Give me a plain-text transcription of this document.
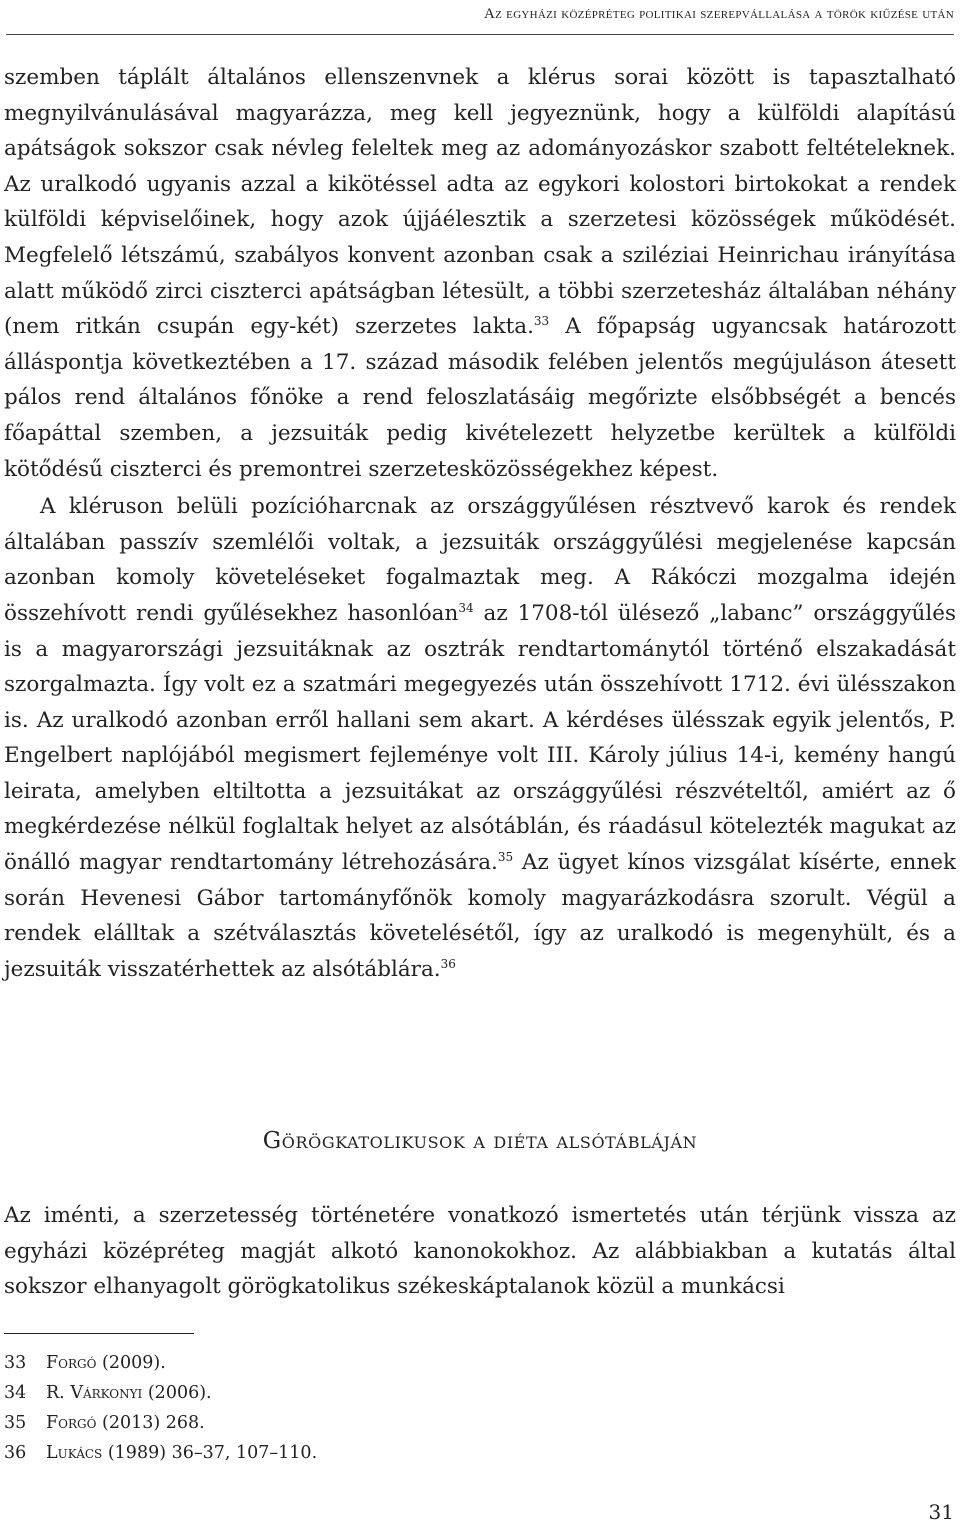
Az egyházi középréteg politikai szerepvállalása a török kiűzése után

szemben táplált általános ellenszenvnek a klérus sorai között is tapasztalható megnyilvánulásával magyarázza, meg kell jegyeznünk, hogy a külföldi alapítású apátságok sokszor csak névleg feleltek meg az adományozáskor szabott feltételeknek. Az uralkodó ugyanis azzal a kikötéssel adta az egykori kolostori birtokokat a rendek külföldi képviselőinek, hogy azok újjáélesztik a szerzetesi közösségek működését. Megfelelő létszámú, szabályos konvent azonban csak a sziléziai Heinrichau irányítása alatt működő zirci ciszterci apátságban létesült, a többi szerzetesház általában néhány (nem ritkán csupán egy-két) szerzetes lakta.$^{33}$ A főpapság ugyancsak határozott álláspontja következtében a 17. század második felében jelentős megújuláson átesett pálos rend általános főnöke a rend feloszlatásáig megőrizte elsőbbségét a bencés főapáttal szemben, a jezsuiták pedig kivételezett helyzetbe kerültek a külföldi kötődésű ciszterci és premontrei szerzetesközösségekhez képest.

A kléruson belüli pozícióharcnak az országgyűlésen résztvevő karok és rendek általában passzív szemlélői voltak, a jezsuiták országgyűlési megjelenése kapcsán azonban komoly követeléseket fogalmaztak meg. A Rákóczi mozgalma idején összehívott rendi gyűlésekhez hasonlóan$^{34}$ az 1708-tól ülésező „labanc” országgyűlés is a magyarországi jezsuitáknak az osztrák rendtartománytól történő elszakadását szorgalmazta. Így volt ez a szatmári megegyezés után összehívott 1712. évi ülésszakon is. Az uralkodó azonban erről hallani sem akart. A kérdéses ülésszak egyik jelentős, P. Engelbert naplójából megismert fejleménye volt III. Károly július 14-i, kemény hangú leirata, amelyben eltiltotta a jezsuitákat az országgyűlési részvételtől, amiért az ő megkérdezése nélkül foglaltak helyet az alsótáblán, és ráadásul kötelezték magukat az önálló magyar rendtartomány létrehozására.$^{35}$ Az ügyet kínos vizsgálat kísérte, ennek során Hevenesi Gábor tartományfőnök komoly magyarázkodásra szorult. Végül a rendek elálltak a szétválasztás követelésétől, így az uralkodó is megenyhült, és a jezsuiták visszatérhettek az alsótáblára.$^{36}$

Görögkatolikusok a diéta alsótábláján

Az iménti, a szerzetesség történetére vonatkozó ismertetés után térjünk vissza az egyházi középréteg magját alkotó kanonokokhoz. Az alábbiakban a kutatás által sokszor elhanyagolt görögkatolikus székeskáptalanok közül a munkácsi

33 Forgó (2009).
34 R. Várkonyi (2006).
35 Forgó (2013) 268.
36 Lukács (1989) 36–37, 107–110.
31
